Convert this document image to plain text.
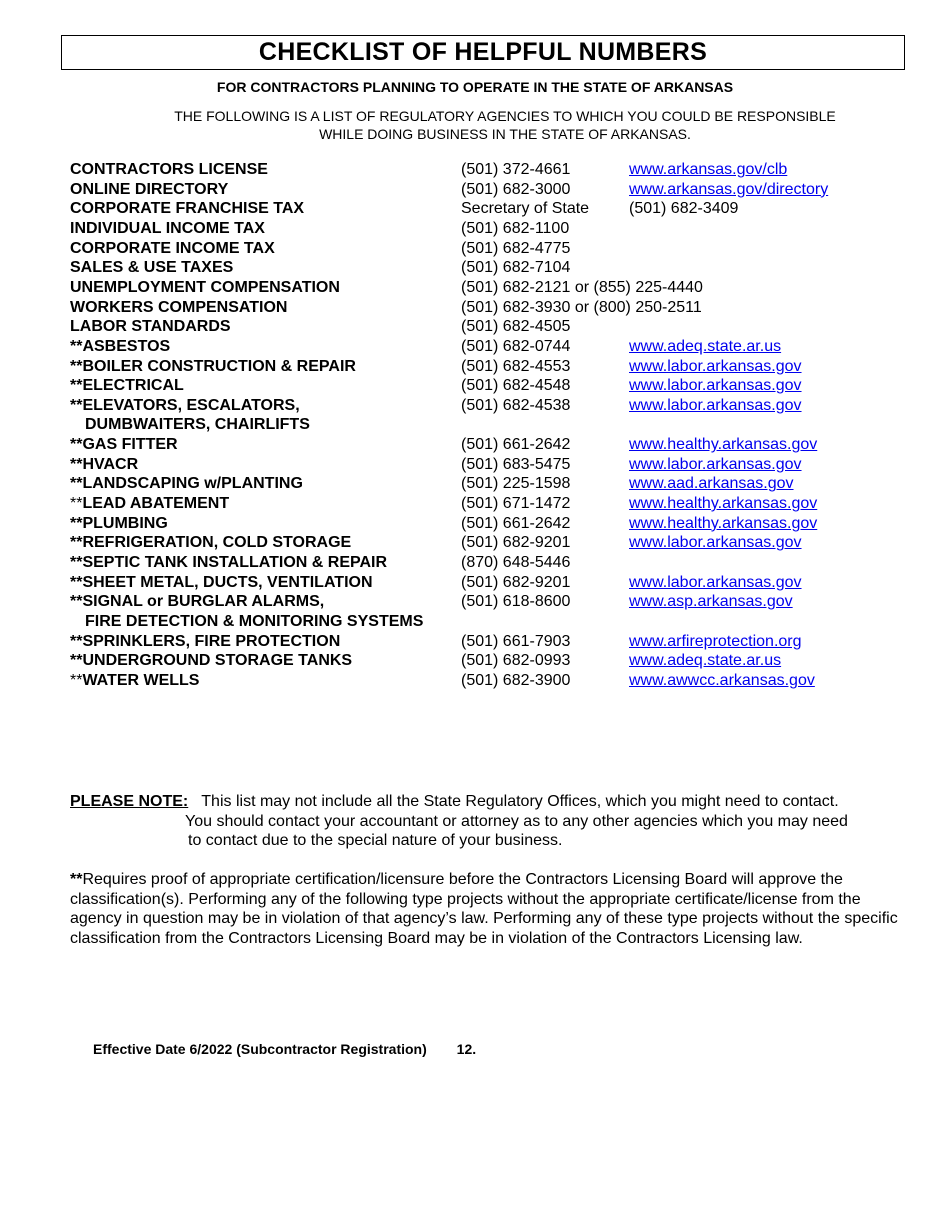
CHECKLIST OF HELPFUL NUMBERS
FOR CONTRACTORS PLANNING TO OPERATE IN THE STATE OF ARKANSAS
THE FOLLOWING IS A LIST OF REGULATORY AGENCIES TO WHICH YOU COULD BE RESPONSIBLE
WHILE DOING BUSINESS IN THE STATE OF ARKANSAS.
CONTRACTORS LICENSE	(501) 372-4661	www.arkansas.gov/clb
ONLINE DIRECTORY	(501) 682-3000	www.arkansas.gov/directory
CORPORATE FRANCHISE TAX	Secretary of State (501) 682-3409
INDIVIDUAL INCOME TAX	(501) 682-1100
CORPORATE INCOME TAX	(501) 682-4775
SALES & USE TAXES	(501) 682-7104
UNEMPLOYMENT COMPENSATION	(501) 682-2121 or (855) 225-4440
WORKERS COMPENSATION	(501) 682-3930 or (800) 250-2511
LABOR STANDARDS	(501) 682-4505
**ASBESTOS	(501) 682-0744	www.adeq.state.ar.us
**BOILER CONSTRUCTION & REPAIR	(501) 682-4553	www.labor.arkansas.gov
**ELECTRICAL	(501) 682-4548	www.labor.arkansas.gov
**ELEVATORS, ESCALATORS,	(501) 682-4538	www.labor.arkansas.gov
DUMBWAITERS, CHAIRLIFTS
**GAS FITTER	(501) 661-2642	www.healthy.arkansas.gov
**HVACR	(501) 683-5475	www.labor.arkansas.gov
**LANDSCAPING w/PLANTING	(501) 225-1598	www.aad.arkansas.gov
**LEAD ABATEMENT	(501) 671-1472	www.healthy.arkansas.gov
**PLUMBING	(501) 661-2642	www.healthy.arkansas.gov
**REFRIGERATION, COLD STORAGE	(501) 682-9201	www.labor.arkansas.gov
**SEPTIC TANK INSTALLATION & REPAIR	(870) 648-5446
**SHEET METAL, DUCTS, VENTILATION	(501) 682-9201	www.labor.arkansas.gov
**SIGNAL or BURGLAR ALARMS,	(501) 618-8600	www.asp.arkansas.gov
FIRE DETECTION & MONITORING SYSTEMS
**SPRINKLERS, FIRE PROTECTION	(501) 661-7903	www.arfireprotection.org
**UNDERGROUND STORAGE TANKS	(501) 682-0993	www.adeq.state.ar.us
**WATER WELLS	(501) 682-3900	www.awwcc.arkansas.gov
PLEASE NOTE: This list may not include all the State Regulatory Offices, which you might need to contact.
You should contact your accountant or attorney as to any other agencies which you may need
to contact due to the special nature of your business.
**Requires proof of appropriate certification/licensure before the Contractors Licensing Board will approve the classification(s). Performing any of the following type projects without the appropriate certificate/license from the agency in question may be in violation of that agency’s law. Performing any of these type projects without the specific classification from the Contractors Licensing Board may be in violation of the Contractors Licensing law.
Effective Date 6/2022 (Subcontractor Registration) 12.
